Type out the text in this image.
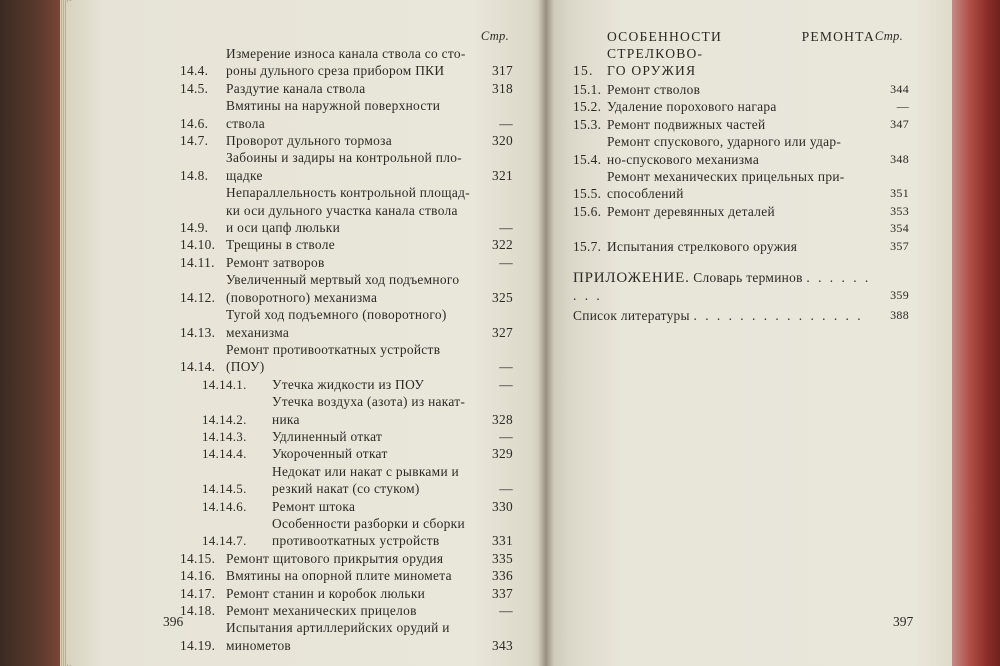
Стр.
14.4.
Измерение износа канала ствола со сто-
роны дульного среза прибором ПКИ	317
14.5.	Раздутие канала ствола	318
14.6.
Вмятины на наружной поверхности
ствола	—
14.7.	Проворот дульного тормоза	320
14.8.
Забоины и задиры на контрольной пло-
щадке	321
14.9.
Непараллельность контрольной площад-
ки оси дульного участка канала ствола
и оси цапф люльки	—
14.10. Трещины в стволе	322
14.11. Ремонт затворов	—
14.12.
Увеличенный мертвый ход подъемного
(поворотного) механизма	325
14.13.
Тугой ход подъемного (поворотного)
механизма	327
14.14.
Ремонт противооткатных устройств
(ПОУ)	—
14.14.1.	Утечка жидкости из ПОУ	—
14.14.2.
Утечка воздуха (азота) из накат-
ника	328
14.14.3.	Удлиненный откат	—
14.14.4.	Укороченный откат	329
14.14.5.
Недокат или накат с рывками и
резкий накат (со стуком)	—
14.14.6.	Ремонт штока	330
14.14.7.
Особенности разборки и сборки
противооткатных устройств	331
14.15. Ремонт щитового прикрытия орудия	335
14.16. Вмятины на опорной плите миномета	336
14.17. Ремонт станин и коробок люльки	337
14.18. Ремонт механических прицелов	—
14.19.
Испытания артиллерийских орудий и
минометов	343
Стр.
15.
ОСОБЕННОСТИ РЕМОНТА СТРЕЛКОВО-
ГО ОРУЖИЯ
15.1. Ремонт стволов	344
15.2. Удаление порохового нагара	—
15.3. Ремонт подвижных частей	347
15.4.
Ремонт спускового, ударного или удар-
но-спускового механизма	348
15.5.
Ремонт механических прицельных при-
способлений	351
15.6. Ремонт деревянных деталей	353

354
15.7. Испытания стрелкового оружия	357
ПРИЛОЖЕНИЕ. Словарь терминов . . . . . . . . .	359
Список литературы . . . . . . . . . . . . . . .	388
396	397
